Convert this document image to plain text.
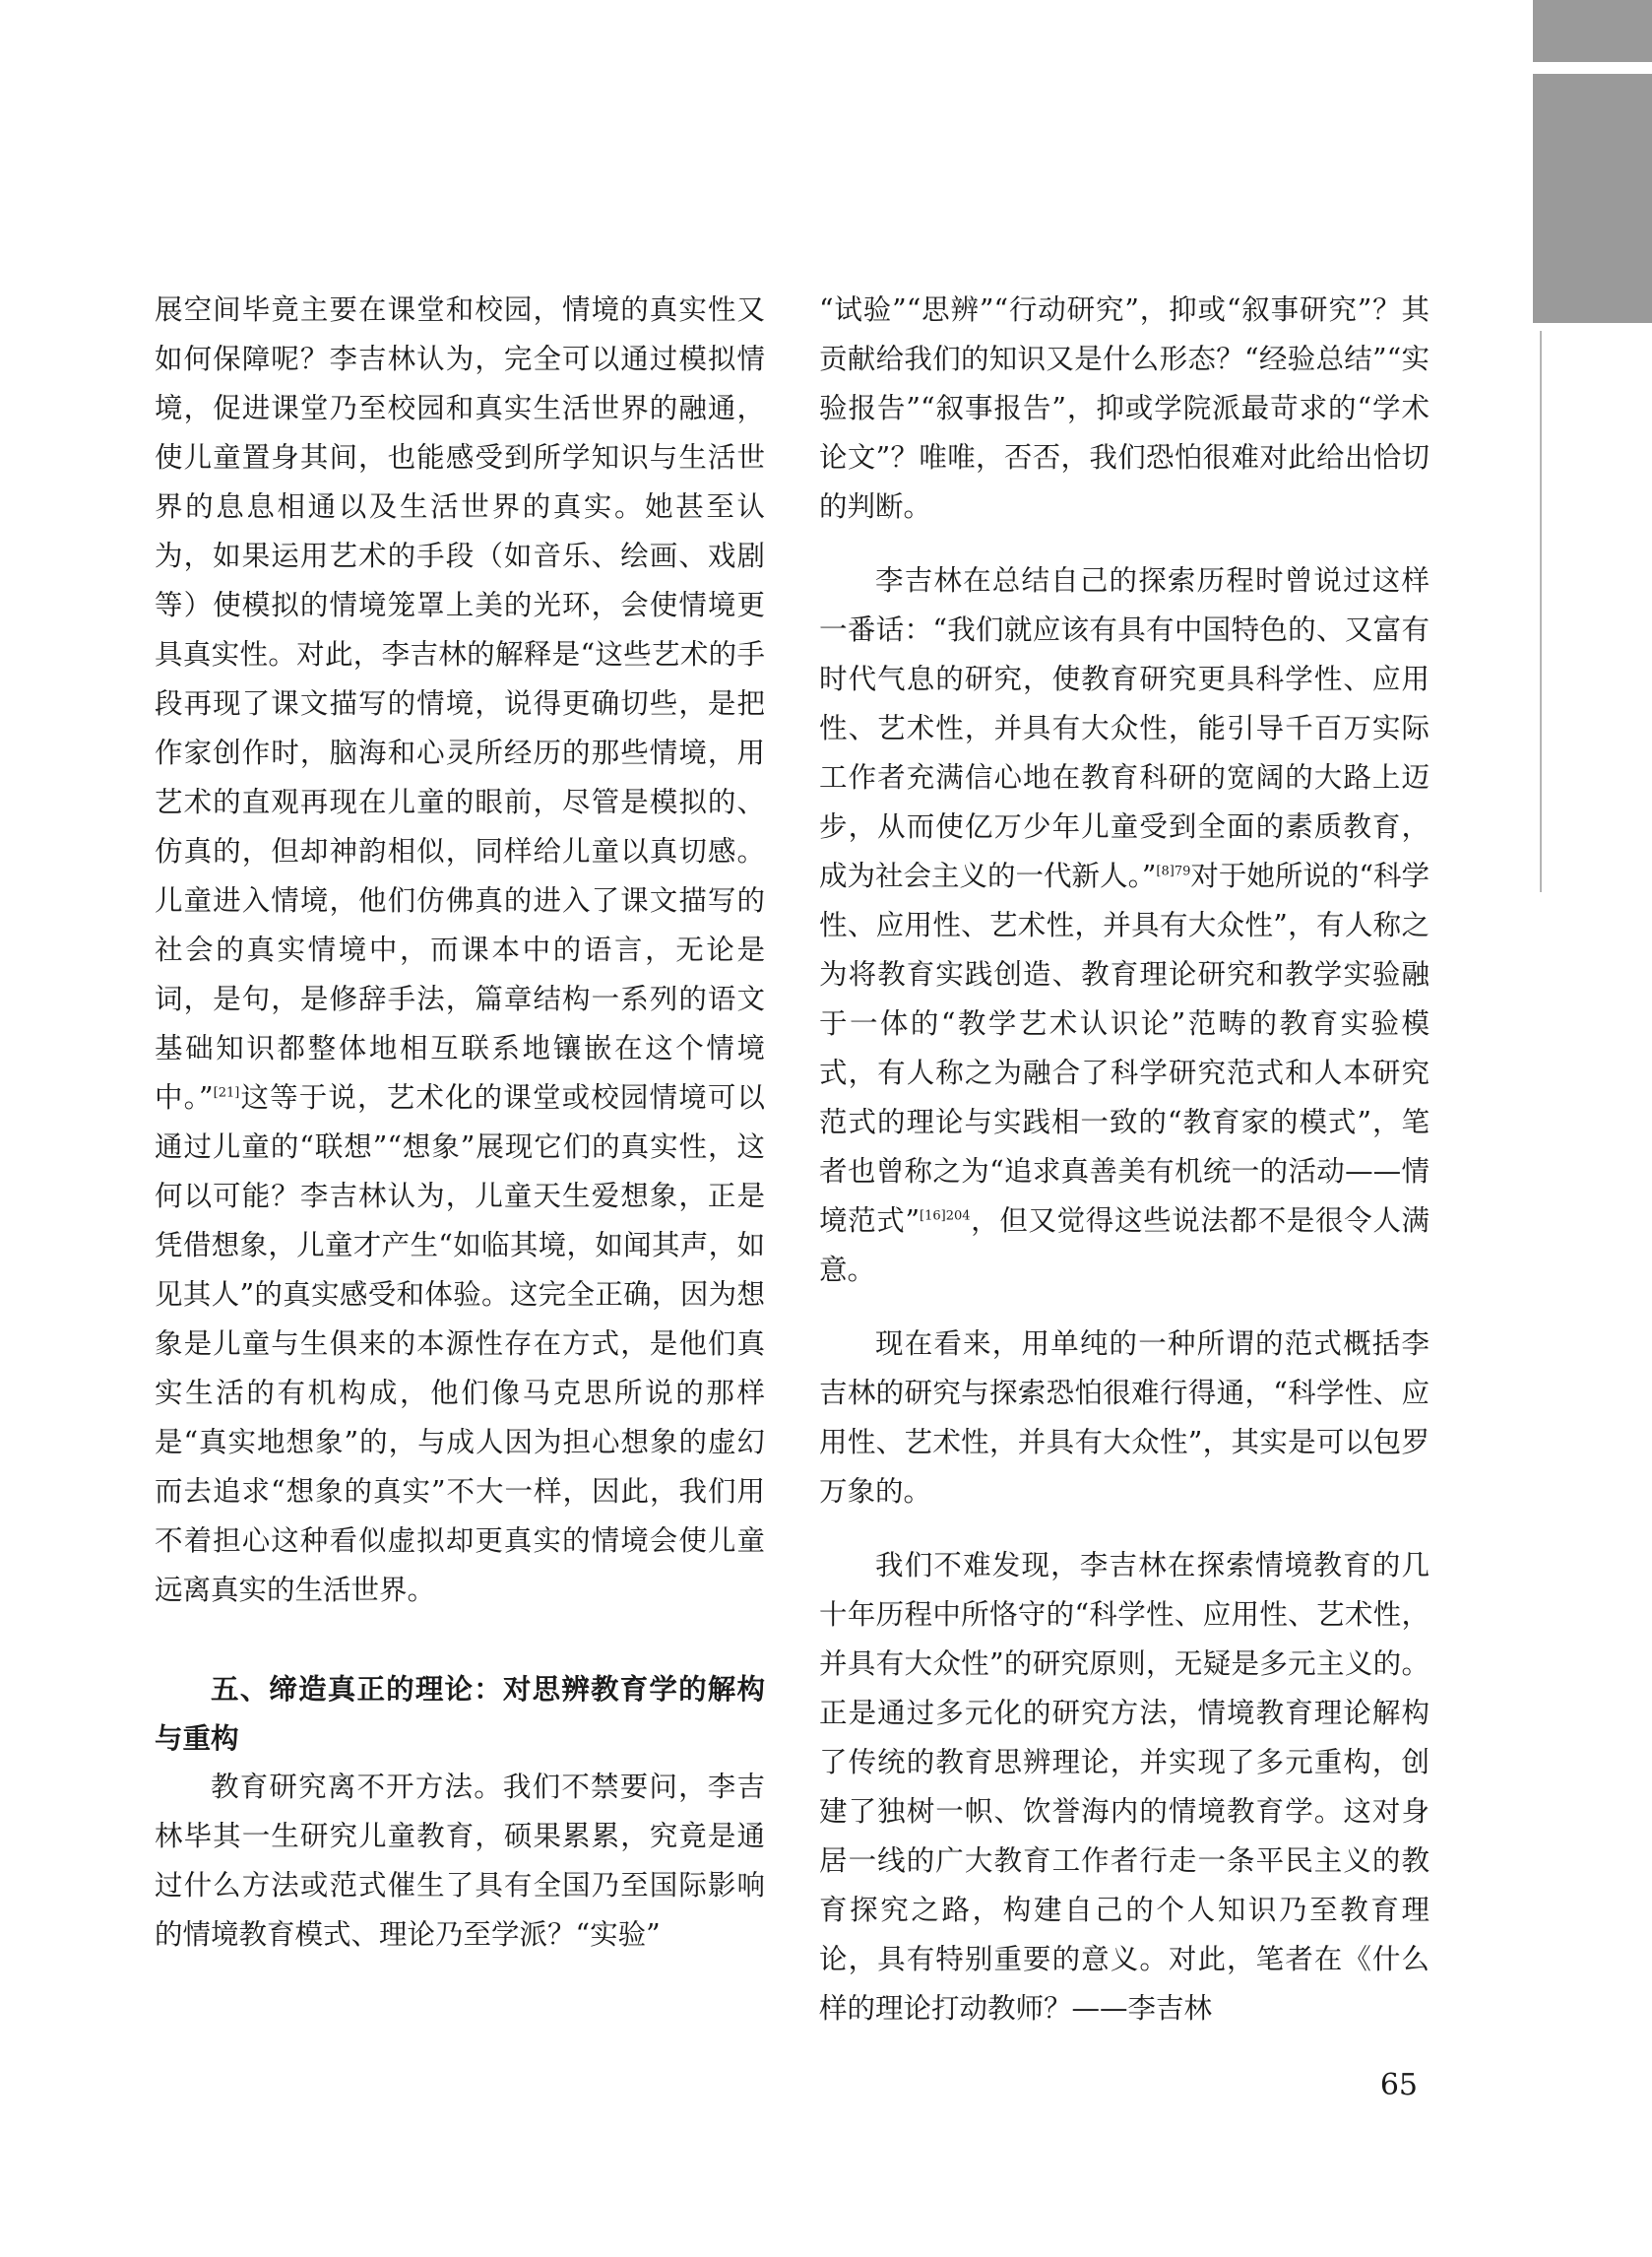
展空间毕竟主要在课堂和校园，情境的真实性又如何保障呢？李吉林认为，完全可以通过模拟情境，促进课堂乃至校园和真实生活世界的融通，使儿童置身其间，也能感受到所学知识与生活世界的息息相通以及生活世界的真实。她甚至认为，如果运用艺术的手段（如音乐、绘画、戏剧等）使模拟的情境笼罩上美的光环，会使情境更具真实性。对此，李吉林的解释是“这些艺术的手段再现了课文描写的情境，说得更确切些，是把作家创作时，脑海和心灵所经历的那些情境，用艺术的直观再现在儿童的眼前，尽管是模拟的、仿真的，但却神韵相似，同样给儿童以真切感。儿童进入情境，他们仿佛真的进入了课文描写的社会的真实情境中，而课本中的语言，无论是词，是句，是修辞手法，篇章结构一系列的语文基础知识都整体地相互联系地镶嵌在这个情境中。”[21]这等于说，艺术化的课堂或校园情境可以通过儿童的“联想”“想象”展现它们的真实性，这何以可能？李吉林认为，儿童天生爱想象，正是凭借想象，儿童才产生“如临其境，如闻其声，如见其人”的真实感受和体验。这完全正确，因为想象是儿童与生俱来的本源性存在方式，是他们真实生活的有机构成，他们像马克思所说的那样是“真实地想象”的，与成人因为担心想象的虚幻而去追求“想象的真实”不大一样，因此，我们用不着担心这种看似虚拟却更真实的情境会使儿童远离真实的生活世界。

五、缔造真正的理论：对思辨教育学的解构与重构

教育研究离不开方法。我们不禁要问，李吉林毕其一生研究儿童教育，硕果累累，究竟是通过什么方法或范式催生了具有全国乃至国际影响的情境教育模式、理论乃至学派？“实验”

“试验”“思辨”“行动研究”，抑或“叙事研究”？其贡献给我们的知识又是什么形态？“经验总结”“实验报告”“叙事报告”，抑或学院派最苛求的“学术论文”？唯唯，否否，我们恐怕很难对此给出恰切的判断。

李吉林在总结自己的探索历程时曾说过这样一番话：“我们就应该有具有中国特色的、又富有时代气息的研究，使教育研究更具科学性、应用性、艺术性，并具有大众性，能引导千百万实际工作者充满信心地在教育科研的宽阔的大路上迈步，从而使亿万少年儿童受到全面的素质教育，成为社会主义的一代新人。”$^{[8]79}$对于她所说的“科学性、应用性、艺术性，并具有大众性”，有人称之为将教育实践创造、教育理论研究和教学实验融于一体的“教学艺术认识论”范畴的教育实验模式，有人称之为融合了科学研究范式和人本研究范式的理论与实践相一致的“教育家的模式”，笔者也曾称之为“追求真善美有机统一的活动——情境范式”$^{[16]204}$，但又觉得这些说法都不是很令人满意。

现在看来，用单纯的一种所谓的范式概括李吉林的研究与探索恐怕很难行得通，“科学性、应用性、艺术性，并具有大众性”，其实是可以包罗万象的。

我们不难发现，李吉林在探索情境教育的几十年历程中所恪守的“科学性、应用性、艺术性，并具有大众性”的研究原则，无疑是多元主义的。正是通过多元化的研究方法，情境教育理论解构了传统的教育思辨理论，并实现了多元重构，创建了独树一帜、饮誉海内的情境教育学。这对身居一线的广大教育工作者行走一条平民主义的教育探究之路，构建自己的个人知识乃至教育理论，具有特别重要的意义。对此，笔者在《什么样的理论打动教师？——李吉林

65
